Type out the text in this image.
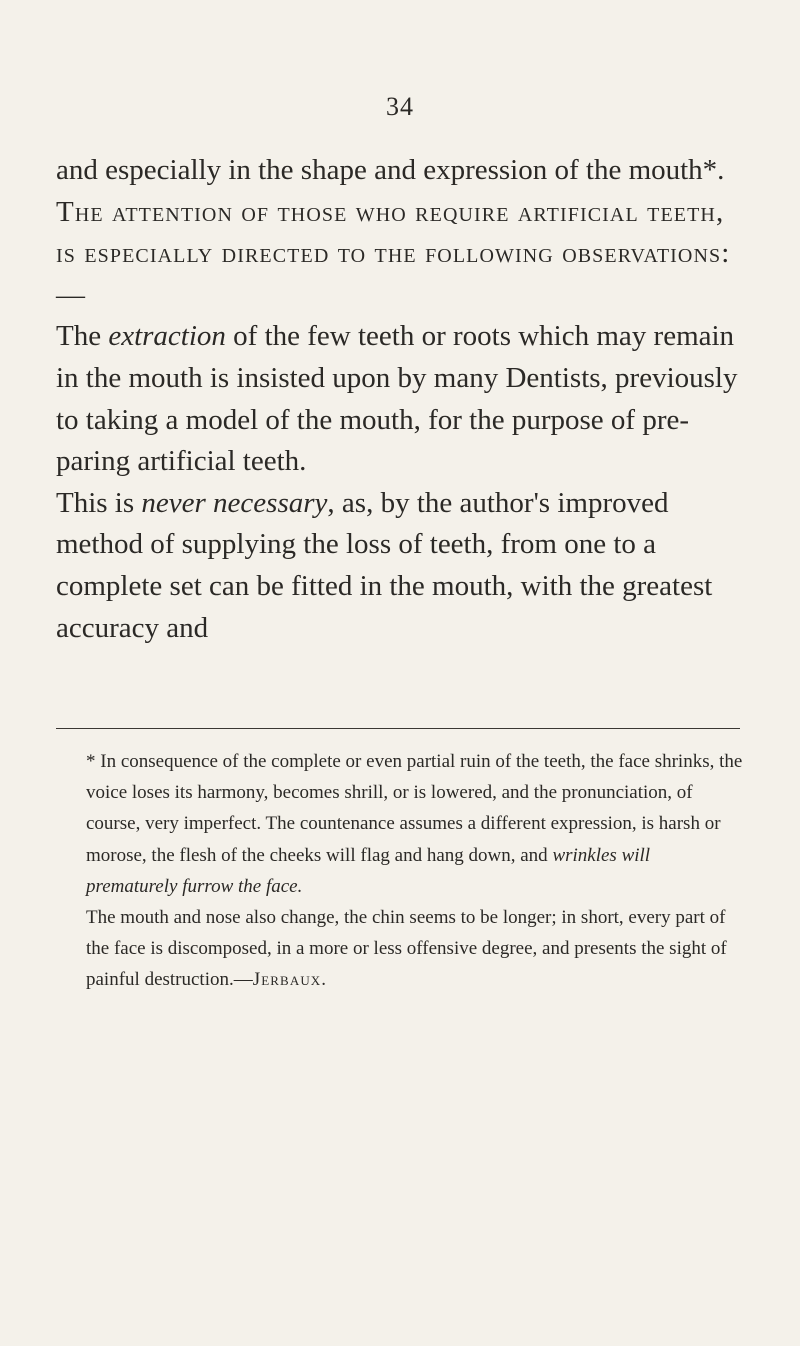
34

and especially in the shape and expression of the mouth*.

The attention of those who require artificial teeth, is especially directed to the following observations:—

The extraction of the few teeth or roots which may remain in the mouth is insisted upon by many Dentists, previously to taking a model of the mouth, for the purpose of pre-paring artificial teeth.

This is never necessary, as, by the author's improved method of supplying the loss of teeth, from one to a complete set can be fitted in the mouth, with the greatest accuracy and

* In consequence of the complete or even partial ruin of the teeth, the face shrinks, the voice loses its harmony, becomes shrill, or is lowered, and the pronunciation, of course, very imperfect. The countenance assumes a different expression, is harsh or morose, the flesh of the cheeks will flag and hang down, and wrinkles will prematurely furrow the face.

The mouth and nose also change, the chin seems to be longer; in short, every part of the face is discomposed, in a more or less offensive degree, and presents the sight of painful destruction.—Jerbaux.
